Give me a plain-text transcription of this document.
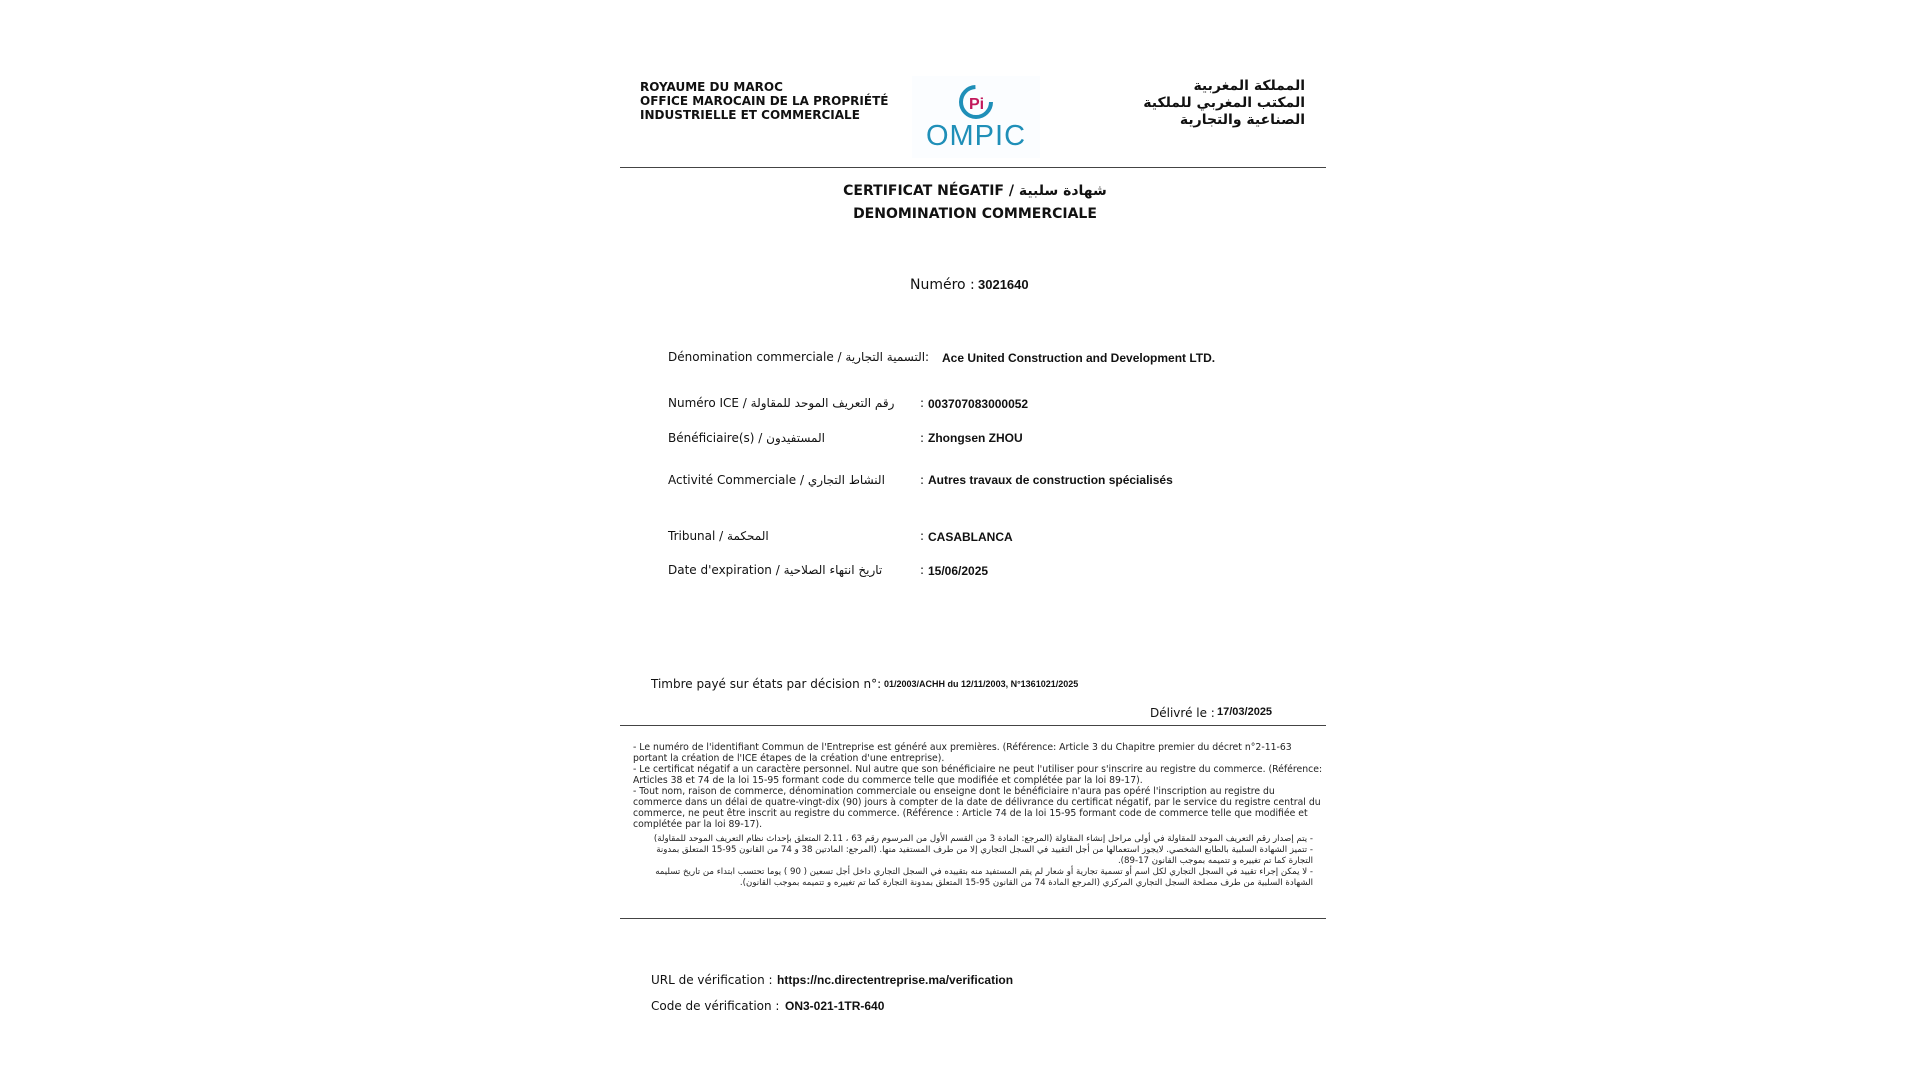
ROYAUME DU MAROC
OFFICE MAROCAIN DE LA PROPRIÉTÉ
INDUSTRIELLE ET COMMERCIALE
Pi
OMPIC
المملكة المغربية
المكتب المغربي للملكية
الصناعية والتجارية
CERTIFICAT NÉGATIF / شهادة سلبية
DENOMINATION COMMERCIALE
Numéro : 3021640
Dénomination commerciale / التسمية التجارية : Ace United Construction and Development LTD.
Numéro ICE / رقم التعريف الموحد للمقاولة : 003707083000052
Bénéficiaire(s) / المستفيدون	: Zhongsen ZHOU
Activité Commerciale / النشاط التجاري	: Autres travaux de construction spécialisés
Tribunal / المحكمة	: CASABLANCA
Date d'expiration / تاريخ انتهاء الصلاحية	: 15/06/2025
Timbre payé sur états par décision n°: 01/2003/ACHH du 12/11/2003, N°1361021/2025
Délivré le : 17/03/2025

- Le numéro de l'identifiant Commun de l'Entreprise est généré aux premières. (Référence: Article 3 du Chapitre premier du décret n°2-11-63 portant la création de l'ICE étapes de la création d'une entreprise).

- Le certificat négatif a un caractère personnel. Nul autre que son bénéficiaire ne peut l'utiliser pour s'inscrire au registre du commerce. (Référence: Articles 38 et 74 de la loi 15-95 formant code du commerce telle que modifiée et complétée par la loi 89-17).

- Tout nom, raison de commerce, dénomination commerciale ou enseigne dont le bénéficiaire n'aura pas opéré l'inscription au registre du commerce dans un délai de quatre-vingt-dix (90) jours à compter de la date de délivrance du certificat négatif, par le service du registre central du commerce, ne peut être inscrit au registre du commerce. (Référence : Article 74 de la loi 15-95 formant code de commerce telle que modifiée et complétée par la loi 89-17).

- يتم إصدار رقم التعريف الموحد للمقاولة في أولى مراحل إنشاء المقاولة (المرجع: المادة 3 من القسم الأول من المرسوم رقم 63 ، 2.11 المتعلق بإحداث نظام التعريف الموحد للمقاولة)

- تتميز الشهادة السلبية بالطابع الشخصي. لايجوز استعمالها من أجل التقييد في السجل التجاري إلا من طرف المستفيد منها. (المرجع: المادتين 38 و 74 من القانون 95-15 المتعلق بمدونة التجارة كما تم تغييره و تتميمه بموجب القانون 17-89).

- لا يمكن إجراء تقييد في السجل التجاري لكل اسم أو تسمية تجارية أو شعار لم يقم المستفيد منه بتقييده في السجل التجاري داخل أجل تسعين ( 90 ) يوما تحتسب ابتداء من تاريخ تسليمه الشهادة السلبية من طرف مصلحة السجل التجاري المركزي (المرجع المادة 74 من القانون 95-15 المتعلق بمدونة التجارة كما تم تغييره و تتميمه بموجب القانون).

URL de vérification : https://nc.directentreprise.ma/verification
Code de vérification : ON3-021-1TR-640
